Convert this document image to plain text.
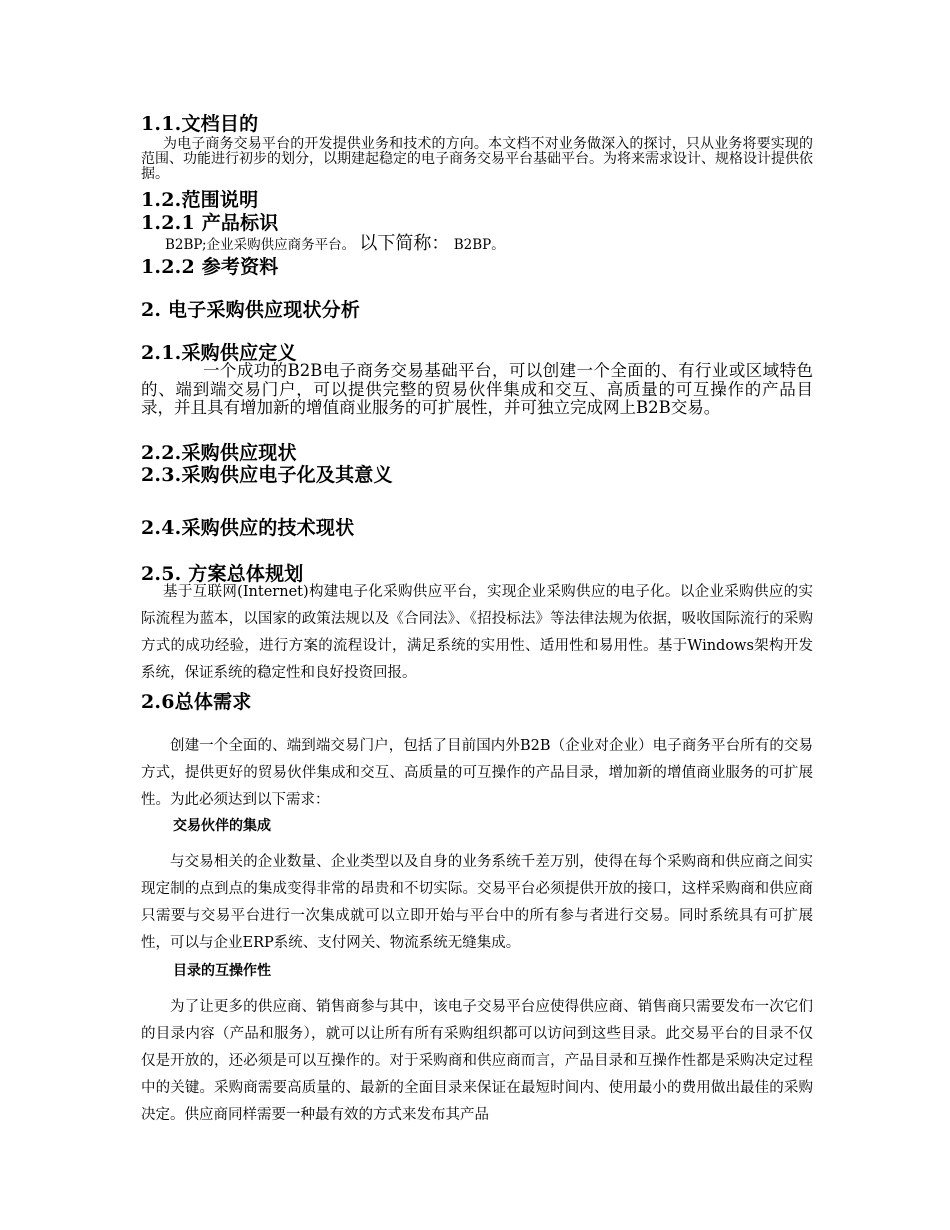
1.1.文档目的

为电子商务交易平台的开发提供业务和技术的方向。本文档不对业务做深入的探讨，只从业务将要实现的范围、功能进行初步的划分，以期建起稳定的电子商务交易平台基础平台。为将来需求设计、规格设计提供依据。

1.2.范围说明
1.2.1 产品标识

B2BP;企业采购供应商务平台。 以下简称： B2BP。

1.2.2 参考资料
2. 电子采购供应现状分析
2.1.采购供应定义

一个成功的B2B电子商务交易基础平台，可以创建一个全面的、有行业或区域特色的、端到端交易门户，可以提供完整的贸易伙伴集成和交互、高质量的可互操作的产品目录，并且具有增加新的增值商业服务的可扩展性，并可独立完成网上B2B交易。

2.2.采购供应现状
2.3.采购供应电子化及其意义
2.4.采购供应的技术现状
2.5. 方案总体规划

基于互联网(Internet)构建电子化采购供应平台，实现企业采购供应的电子化。以企业采购供应的实际流程为蓝本，以国家的政策法规以及《合同法》、《招投标法》等法律法规为依据，吸收国际流行的采购方式的成功经验，进行方案的流程设计，满足系统的实用性、适用性和易用性。基于Windows架构开发系统，保证系统的稳定性和良好投资回报。

2.6总体需求

创建一个全面的、端到端交易门户，包括了目前国内外B2B（企业对企业）电子商务平台所有的交易方式，提供更好的贸易伙伴集成和交互、高质量的可互操作的产品目录，增加新的增值商业服务的可扩展性。为此必须达到以下需求：

交易伙伴的集成

与交易相关的企业数量、企业类型以及自身的业务系统千差万别，使得在每个采购商和供应商之间实现定制的点到点的集成变得非常的昂贵和不切实际。交易平台必须提供开放的接口，这样采购商和供应商只需要与交易平台进行一次集成就可以立即开始与平台中的所有参与者进行交易。同时系统具有可扩展性，可以与企业ERP系统、支付网关、物流系统无缝集成。

目录的互操作性

为了让更多的供应商、销售商参与其中，该电子交易平台应使得供应商、销售商只需要发布一次它们的目录内容（产品和服务），就可以让所有所有采购组织都可以访问到这些目录。此交易平台的目录不仅仅是开放的，还必须是可以互操作的。对于采购商和供应商而言，产品目录和互操作性都是采购决定过程中的关键。采购商需要高质量的、最新的全面目录来保证在最短时间内、使用最小的费用做出最佳的采购决定。供应商同样需要一种最有效的方式来发布其产品
